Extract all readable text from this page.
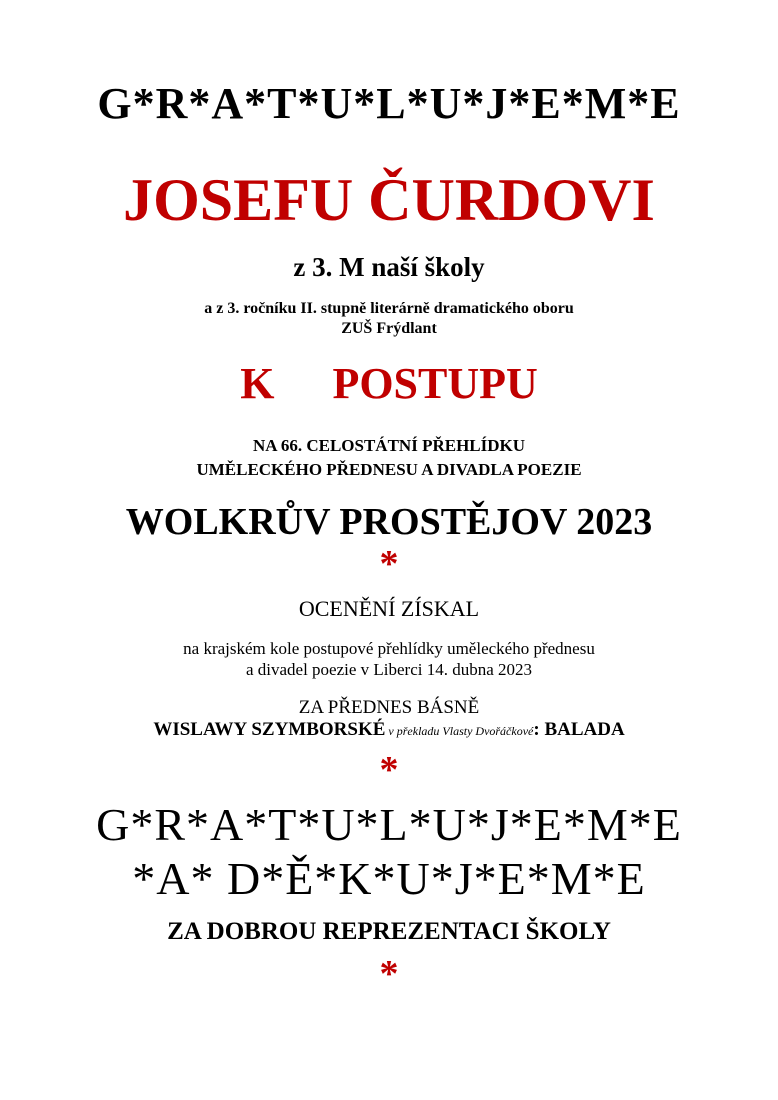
G*R*A*T*U*L*U*J*E*M*E
JOSEFU ČURDOVI
z 3. M naší školy
a z 3. ročníku II. stupně literárně dramatického oboru
ZUŠ Frýdlant
K POSTUPU
NA 66. CELOSTÁTNÍ PŘEHLÍDKU
UMĚLECKÉHO PŘEDNESU A DIVADLA POEZIE
WOLKRŮV PROSTĚJOV 2023
*
OCENĚNÍ ZÍSKAL
na krajském kole postupové přehlídky uměleckého přednesu
a divadel poezie v Liberci 14. dubna 2023
ZA PŘEDNES BÁSNĚ
WISLAWY SZYMBORSKÉ v překladu Vlasty Dvořáčkové: BALADA
*
G*R*A*T*U*L*U*J*E*M*E
*A* D*Ě*K*U*J*E*M*E
ZA DOBROU REPREZENTACI ŠKOLY
*
